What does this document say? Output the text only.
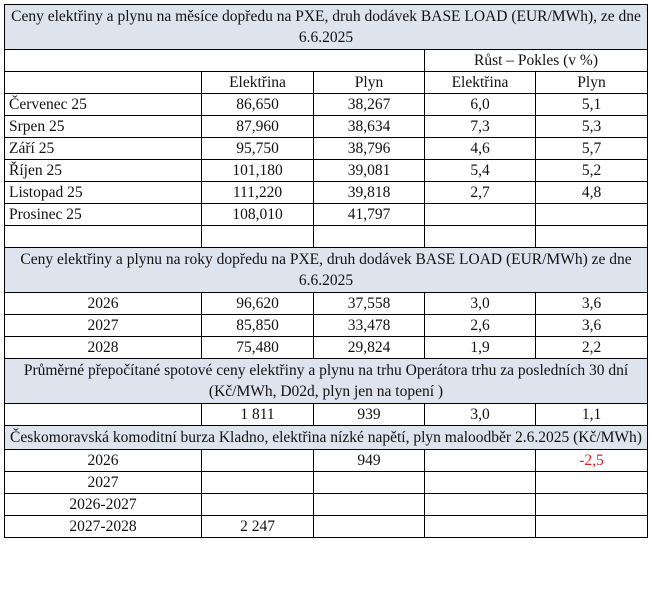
Ceny elektřiny a plynu na měsíce dopředu na PXE, druh dodávek BASE LOAD (EUR/MWh), ze dne 6.6.2025				
			Růst – Pokles (v %)	
	Elektřina	Plyn	Elektřina	Plyn
Červenec 25	86,650	38,267	6,0	5,1
Srpen 25	87,960	38,634	7,3	5,3
Září 25	95,750	38,796	4,6	5,7
Říjen 25	101,180	39,081	5,4	5,2
Listopad 25	111,220	39,818	2,7	4,8
Prosinec 25	108,010	41,797		

Ceny elektřiny a plynu na roky dopředu na PXE, druh dodávek BASE LOAD (EUR/MWh) ze dne 6.6.2025				
2026	96,620	37,558	3,0	3,6
2027	85,850	33,478	2,6	3,6
2028	75,480	29,824	1,9	2,2
Průměrné přepočítané spotové ceny elektřiny a plynu na trhu Operátora trhu za posledních 30 dní (Kč/MWh, D02d, plyn jen na topení )				
	1 811	939	3,0	1,1
Českomoravská komoditní burza Kladno, elektřina nízké napětí, plyn maloodběr 2.6.2025 (Kč/MWh)				
2026		949		-2,5
2027				
2026-2027				
2027-2028	2 247			
